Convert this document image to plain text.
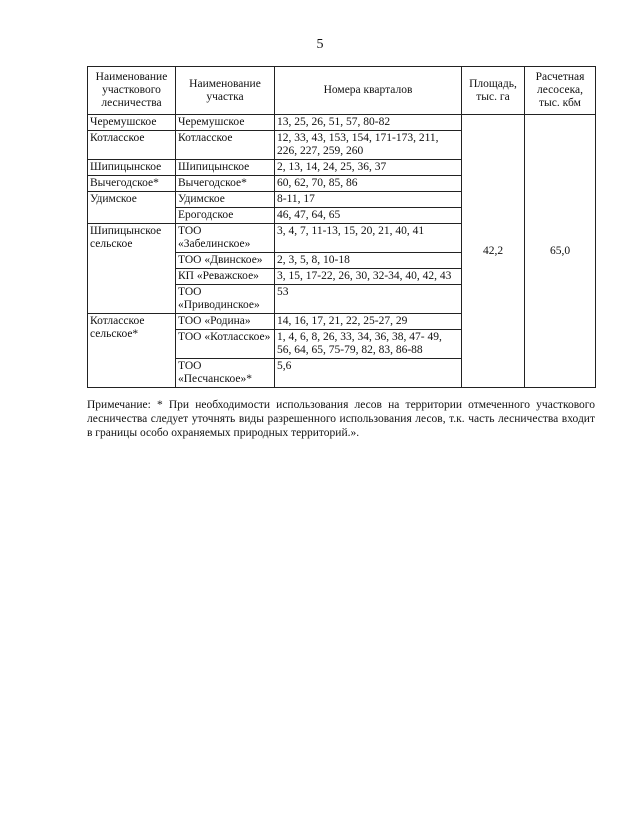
5
Наименование участкового лесничества	Наименование участка	Номера кварталов	Площадь, тыс. га	Расчетная лесосека, тыс. кбм
Черемушское	Черемушское	13, 25, 26, 51, 57, 80-82	42,2	65,0
Котласское	Котласское	12, 33, 43, 153, 154, 171-173, 211, 226, 227, 259, 260		
Шипицынское	Шипицынское	2, 13, 14, 24, 25, 36, 37		
Вычегодское*	Вычегодское*	60, 62, 70, 85, 86		
Удимское	Удимское	8-11, 17		
	Ерогодское	46, 47, 64, 65		
Шипицынское сельское	ТОО «Забелинское»	3, 4, 7, 11-13, 15, 20, 21, 40, 41		
	ТОО «Двинское»	2, 3, 5, 8, 10-18		
	КП «Реважское»	3, 15, 17-22, 26, 30, 32-34, 40, 42, 43		
	ТОО «Приводинское»	53		
Котласское сельское*	ТОО «Родина»	14, 16, 17, 21, 22, 25-27, 29		
	ТОО «Котласское»	1, 4, 6, 8, 26, 33, 34, 36, 38, 47- 49, 56, 64, 65, 75-79, 82, 83, 86-88		
	ТОО «Песчанское»*	5,6		
Примечание: * При необходимости использования лесов на территории отмеченного участкового лесничества следует уточнять виды разрешенного использования лесов, т.к. часть лесничества входит в границы особо охраняемых природных территорий.».
